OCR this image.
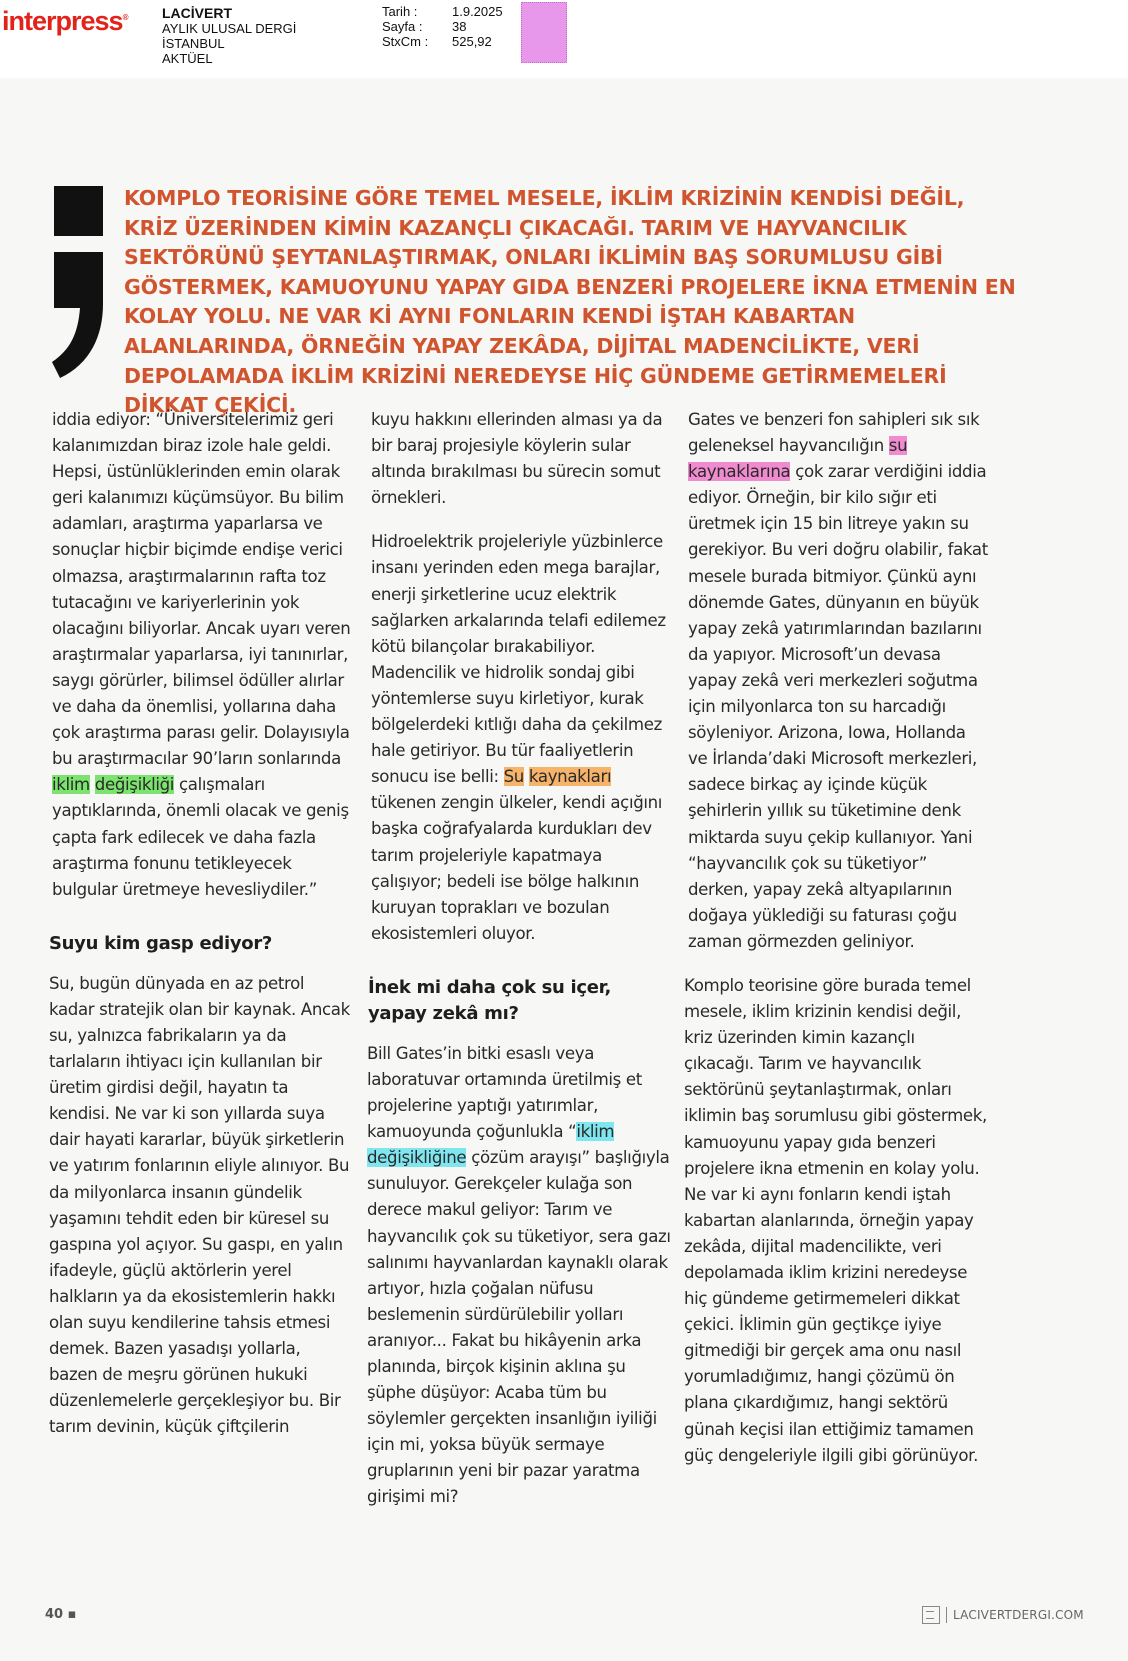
interpress® LACİVERT
AYLIK ULUSAL DERGİ
İSTANBUL
AKTÜEL
Tarih :	1.9.2025
Sayfa :	38
StxCm :	525,92
KOMPLO TEORİSİNE GÖRE TEMEL MESELE, İKLİM KRİZİNİN KENDİSİ DEĞİL, KRİZ ÜZERİNDEN KİMİN KAZANÇLI ÇIKACAĞI. TARIM VE HAYVANCILIK SEKTÖRÜNÜ ŞEYTANLAŞTIRMAK, ONLARI İKLİMİN BAŞ SORUMLUSU GİBİ GÖSTERMEK, KAMUOYUNU YAPAY GIDA BENZERİ PROJELERE İKNA ETMENİN EN KOLAY YOLU. NE VAR Kİ AYNI FONLARIN KENDİ İŞTAH KABARTAN ALANLARINDA, ÖRNEĞİN YAPAY ZEKÂDA, DİJİTAL MADENCİLİKTE, VERİ DEPOLAMADA İKLİM KRİZİNİ NEREDEYSE HİÇ GÜNDEME GETİRMEMELERİ DİKKAT ÇEKİCİ.

iddia ediyor: “Üniversitelerimiz geri kalanımızdan biraz izole hale geldi. Hepsi, üstünlüklerinden emin olarak geri kalanımızı küçümsüyor. Bu bilim adamları, araştırma yaparlarsa ve sonuçlar hiçbir biçimde endişe verici olmazsa, araştırmalarının rafta toz tutacağını ve kariyerlerinin yok olacağını biliyorlar. Ancak uyarı veren araştırmalar yaparlarsa, iyi tanınırlar, saygı görürler, bilimsel ödüller alırlar ve daha da önemlisi, yollarına daha çok araştırma parası gelir. Dolayısıyla bu araştırmacılar 90’ların sonlarında iklim değişikliği çalışmaları yaptıklarında, önemli olacak ve geniş çapta fark edilecek ve daha fazla araştırma fonunu tetikleyecek bulgular üretmeye hevesliydiler.”

Suyu kim gasp ediyor?

Su, bugün dünyada en az petrol kadar stratejik olan bir kaynak. Ancak su, yalnızca fabrikaların ya da tarlaların ihtiyacı için kullanılan bir üretim girdisi değil, hayatın ta kendisi. Ne var ki son yıllarda suya dair hayati kararlar, büyük şirketlerin ve yatırım fonlarının eliyle alınıyor. Bu da milyonlarca insanın gündelik yaşamını tehdit eden bir küresel su gaspına yol açıyor. Su gaspı, en yalın ifadeyle, güçlü aktörlerin yerel halkların ya da ekosistemlerin hakkı olan suyu kendilerine tahsis etmesi demek. Bazen yasadışı yollarla, bazen de meşru görünen hukuki düzenlemelerle gerçekleşiyor bu. Bir tarım devinin, küçük çiftçilerin

kuyu hakkını ellerinden alması ya da bir baraj projesiyle köylerin sular altında bırakılması bu sürecin somut örnekleri.

Hidroelektrik projeleriyle yüzbinlerce insanı yerinden eden mega barajlar, enerji şirketlerine ucuz elektrik sağlarken arkalarında telafi edilemez kötü bilançolar bırakabiliyor. Madencilik ve hidrolik sondaj gibi yöntemlerse suyu kirletiyor, kurak bölgelerdeki kıtlığı daha da çekilmez hale getiriyor. Bu tür faaliyetlerin sonucu ise belli: Su kaynakları tükenen zengin ülkeler, kendi açığını başka coğrafyalarda kurdukları dev tarım projeleriyle kapatmaya çalışıyor; bedeli ise bölge halkının kuruyan toprakları ve bozulan ekosistemleri oluyor.

İnek mi daha çok su içer, yapay zekâ mı?

Bill Gates’in bitki esaslı veya laboratuvar ortamında üretilmiş et projelerine yaptığı yatırımlar, kamuoyunda çoğunlukla “iklim değişikliğine çözüm arayışı” başlığıyla sunuluyor. Gerekçeler kulağa son derece makul geliyor: Tarım ve hayvancılık çok su tüketiyor, sera gazı salınımı hayvanlardan kaynaklı olarak artıyor, hızla çoğalan nüfusu beslemenin sürdürülebilir yolları aranıyor... Fakat bu hikâyenin arka planında, birçok kişinin aklına şu şüphe düşüyor: Acaba tüm bu söylemler gerçekten insanlığın iyiliği için mi, yoksa büyük sermaye gruplarının yeni bir pazar yaratma girişimi mi?

Gates ve benzeri fon sahipleri sık sık geleneksel hayvancılığın su kaynaklarına çok zarar verdiğini iddia ediyor. Örneğin, bir kilo sığır eti üretmek için 15 bin litreye yakın su gerekiyor. Bu veri doğru olabilir, fakat mesele burada bitmiyor. Çünkü aynı dönemde Gates, dünyanın en büyük yapay zekâ yatırımlarından bazılarını da yapıyor. Microsoft’un devasa yapay zekâ veri merkezleri soğutma için milyonlarca ton su harcadığı söyleniyor. Arizona, Iowa, Hollanda ve İrlanda’daki Microsoft merkezleri, sadece birkaç ay içinde küçük şehirlerin yıllık su tüketimine denk miktarda suyu çekip kullanıyor. Yani “hayvancılık çok su tüketiyor” derken, yapay zekâ altyapılarının doğaya yüklediği su faturası çoğu zaman görmezden geliniyor.

Komplo teorisine göre burada temel mesele, iklim krizinin kendisi değil, kriz üzerinden kimin kazançlı çıkacağı. Tarım ve hayvancılık sektörünü şeytanlaştırmak, onları iklimin baş sorumlusu gibi göstermek, kamuoyunu yapay gıda benzeri projelere ikna etmenin en kolay yolu. Ne var ki aynı fonların kendi iştah kabartan alanlarında, örneğin yapay zekâda, dijital madencilikte, veri depolamada iklim krizini neredeyse hiç gündeme getirmemeleri dikkat çekici. İklimin gün geçtikçe iyiye gitmediği bir gerçek ama onu nasıl yorumladığımız, hangi çözümü ön plana çıkardığımız, hangi sektörü günah keçisi ilan ettiğimiz tamamen güç dengeleriyle ilgili gibi görünüyor.

40 ▪	LACIVERTDERGI.COM
